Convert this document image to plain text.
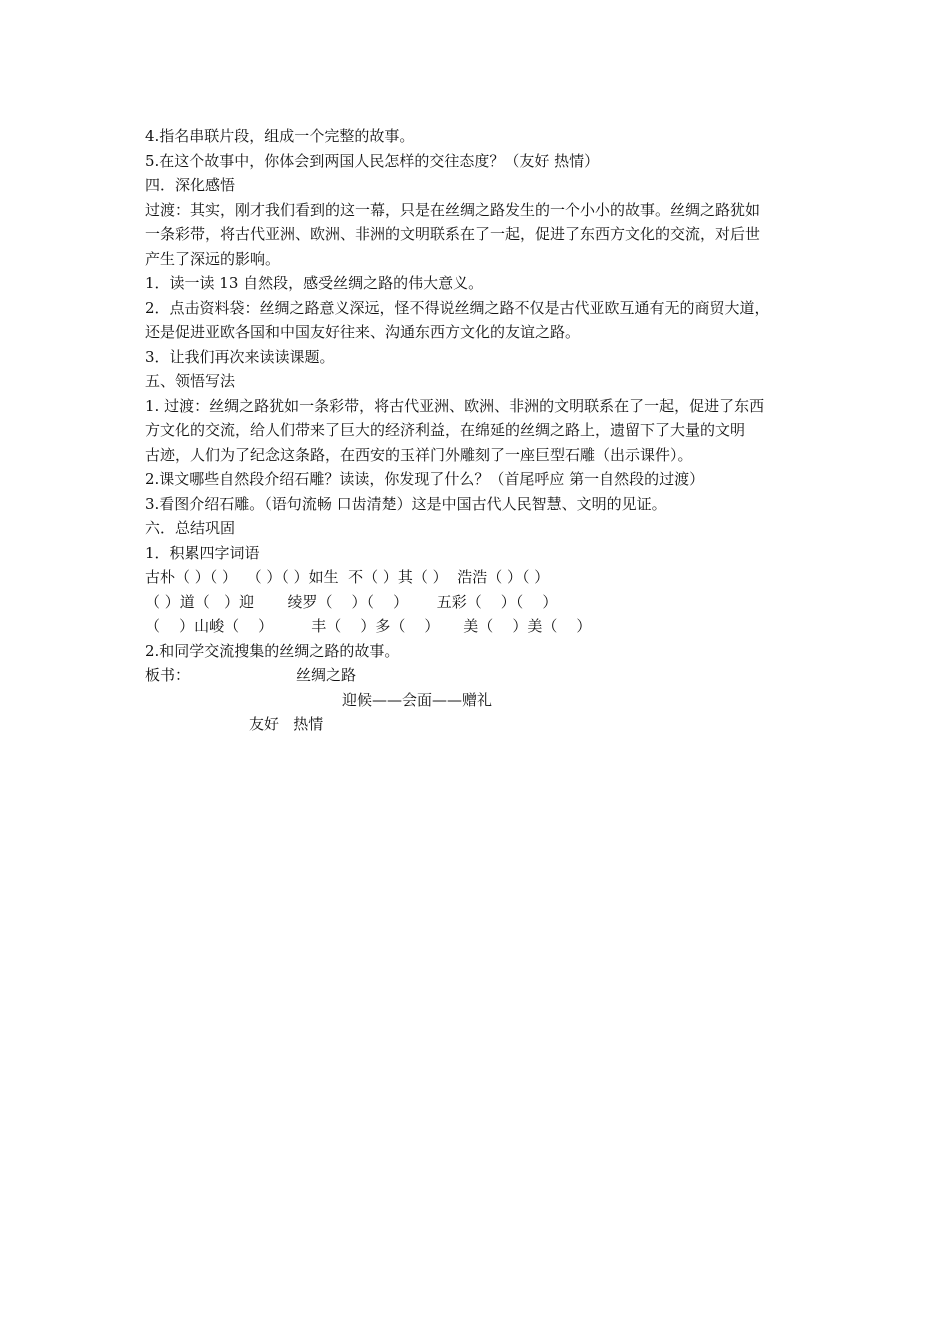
4.指名串联片段，组成一个完整的故事。
5.在这个故事中，你体会到两国人民怎样的交往态度？（友好 热情）
四．深化感悟
过渡：其实，刚才我们看到的这一幕，只是在丝绸之路发生的一个小小的故事。丝绸之路犹如
一条彩带，将古代亚洲、欧洲、非洲的文明联系在了一起，促进了东西方文化的交流，对后世
产生了深远的影响。
1．读一读 13 自然段，感受丝绸之路的伟大意义。
2．点击资料袋：丝绸之路意义深远，怪不得说丝绸之路不仅是古代亚欧互通有无的商贸大道，
还是促进亚欧各国和中国友好往来、沟通东西方文化的友谊之路。
3．让我们再次来读读课题。
五、领悟写法
1. 过渡：丝绸之路犹如一条彩带，将古代亚洲、欧洲、非洲的文明联系在了一起，促进了东西
方文化的交流，给人们带来了巨大的经济利益，在绵延的丝绸之路上，遗留下了大量的文明
古迹，人们为了纪念这条路，在西安的玉祥门外雕刻了一座巨型石雕（出示课件）。
2.课文哪些自然段介绍石雕？读读，你发现了什么？（首尾呼应 第一自然段的过渡）
3.看图介绍石雕。（语句流畅 口齿清楚）这是中国古代人民智慧、文明的见证。
六．总结巩固
1．积累四字词语
古朴（ ）（ ）  （ ）（ ）如生  不（ ）其（ ）  浩浩（ ）（ ）
（ ）道（   ）迎       绫罗（    ）（    ）      五彩（    ）（    ）
（    ）山峻（    ）        丰（    ）多（    ）     美（    ）美（    ）
2.和同学交流搜集的丝绸之路的故事。
板书：	丝绸之路
迎候——会面——赠礼
友好   热情
